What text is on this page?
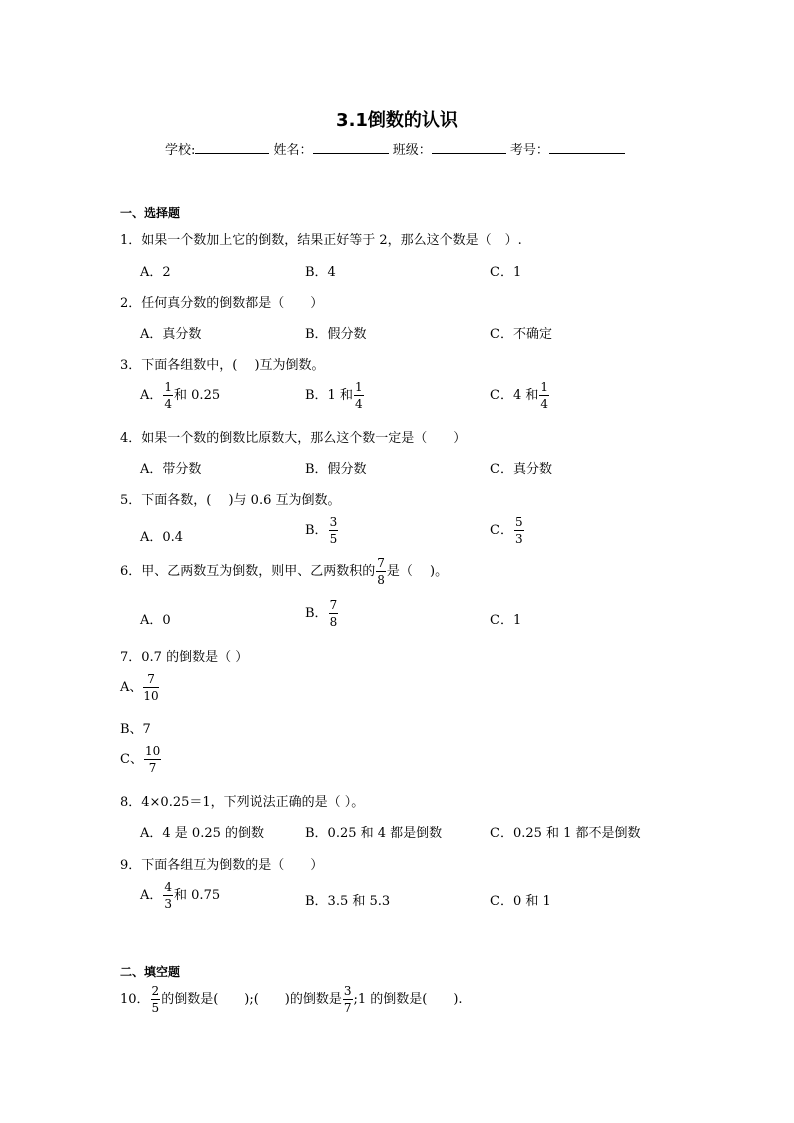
3.1倒数的认识
学校:	姓名：	班级：	考号：
一、选择题
1．如果一个数加上它的倒数，结果正好等于 2，那么这个数是（　）.
A．2	B．4	C．1
2．任何真分数的倒数都是（　　）
A．真分数	B．假分数	C．不确定
3．下面各组数中，(　 )互为倒数。
A． $\frac{1}{4}$ 和 0.25	B．1 和 $\frac{1}{4}$	C．4 和 $\frac{1}{4}$
4．如果一个数的倒数比原数大，那么这个数一定是（　　）
A．带分数	B．假分数	C．真分数
5．下面各数，(　 )与 0.6 互为倒数。
A．0.4	B． $\frac{3}{5}$	C． $\frac{5}{3}$
6．甲、乙两数互为倒数，则甲、乙两数积的 $\frac{7}{8}$ 是（　 )。
A．0	B． $\frac{7}{8}$	C．1
7．0.7 的倒数是（ ）
A、 $\frac{7}{10}$
B、7
C、 $\frac{10}{7}$
8．4×0.25＝1，下列说法正确的是（ ）。
A．4 是 0.25 的倒数	B．0.25 和 4 都是倒数	C．0.25 和 1 都不是倒数
9．下面各组互为倒数的是（　　）
A． $\frac{4}{3}$ 和 0.75	B．3.5 和 5.3	C．0 和 1
二、填空题
10． $\frac{2}{5}$ 的倒数是(　　);(　　)的倒数是 $\frac{3}{7}$ ;1 的倒数是(　　).
